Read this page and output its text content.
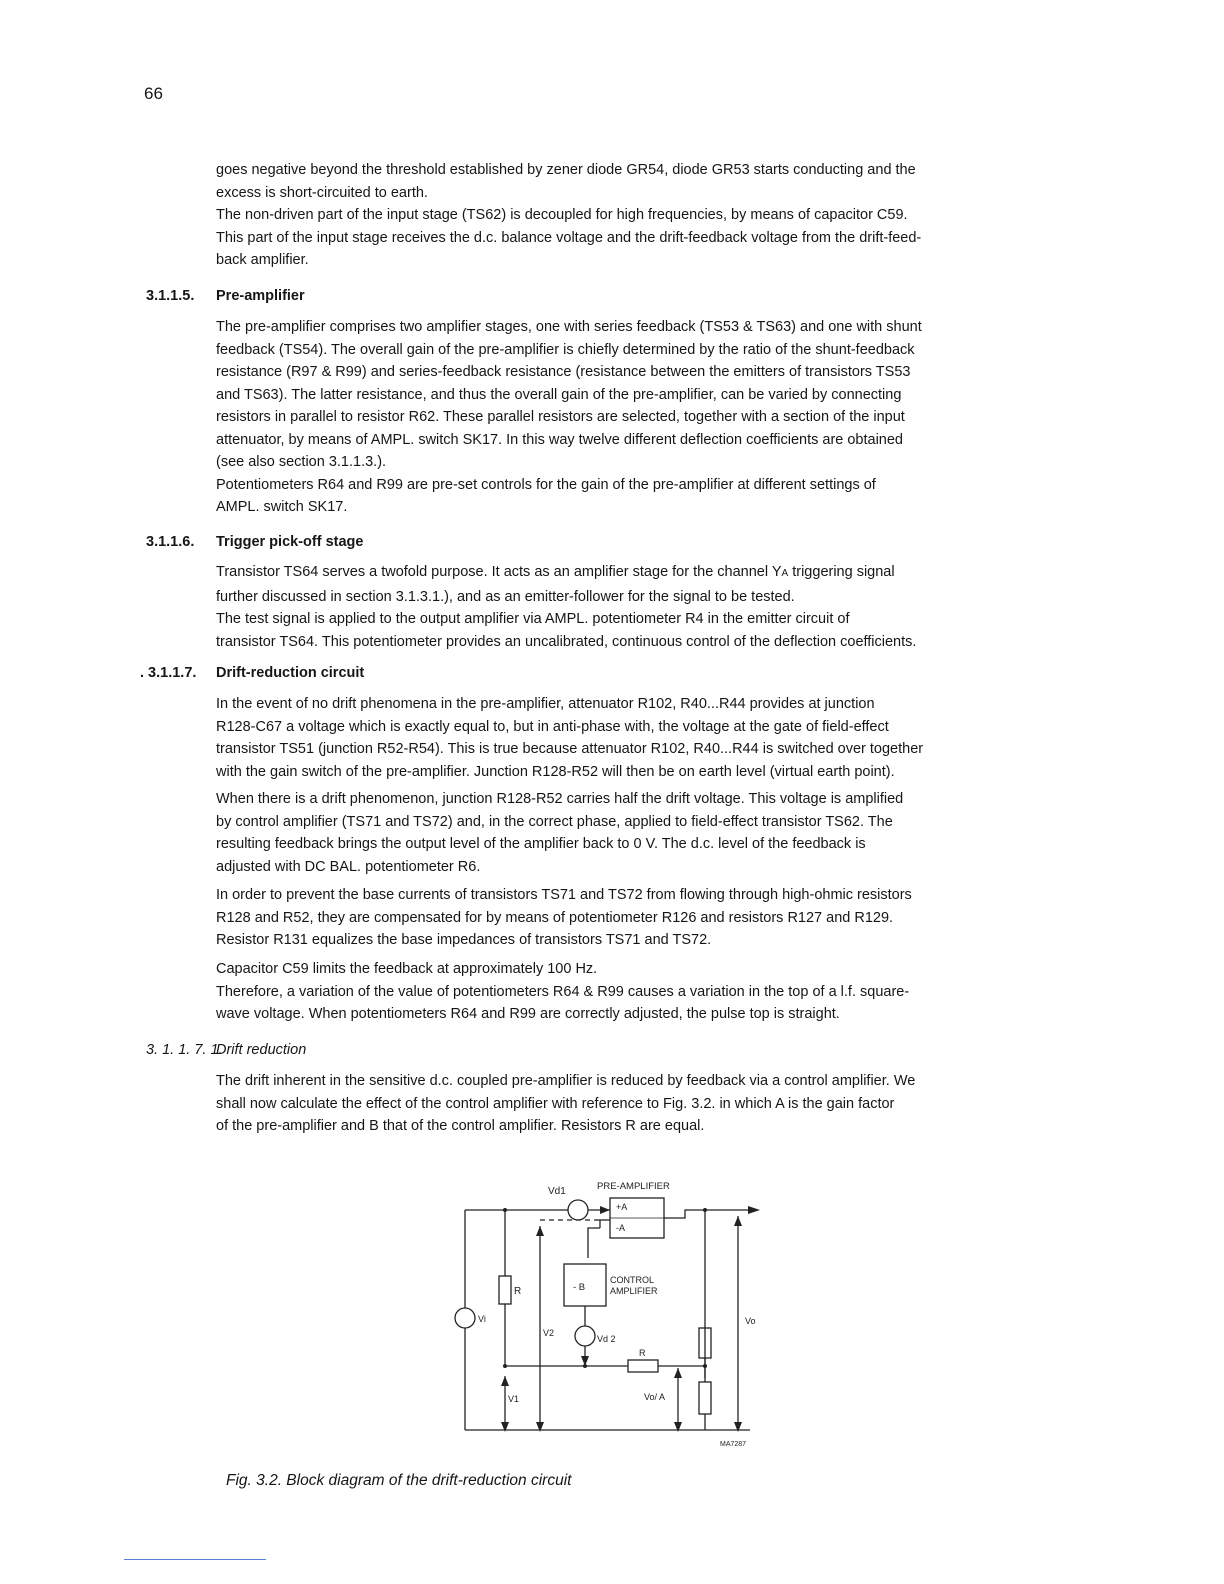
66

goes negative beyond the threshold established by zener diode GR54, diode GR53 starts conducting and the
excess is short-circuited to earth.
The non-driven part of the input stage (TS62) is decoupled for high frequencies, by means of capacitor C59.
This part of the input stage receives the d.c. balance voltage and the drift-feedback voltage from the drift-feed-
back amplifier.

3.1.1.5. Pre-amplifier

The pre-amplifier comprises two amplifier stages, one with series feedback (TS53 & TS63) and one with shunt
feedback (TS54). The overall gain of the pre-amplifier is chiefly determined by the ratio of the shunt-feedback
resistance (R97 & R99) and series-feedback resistance (resistance between the emitters of transistors TS53
and TS63). The latter resistance, and thus the overall gain of the pre-amplifier, can be varied by connecting
resistors in parallel to resistor R62. These parallel resistors are selected, together with a section of the input
attenuator, by means of AMPL. switch SK17. In this way twelve different deflection coefficients are obtained
(see also section 3.1.1.3.).
Potentiometers R64 and R99 are pre-set controls for the gain of the pre-amplifier at different settings of
AMPL. switch SK17.

3.1.1.6. Trigger pick-off stage

Transistor TS64 serves a twofold purpose. It acts as an amplifier stage for the channel YA triggering signal
further discussed in section 3.1.3.1.), and as an emitter-follower for the signal to be tested.
The test signal is applied to the output amplifier via AMPL. potentiometer R4 in the emitter circuit of
transistor TS64. This potentiometer provides an uncalibrated, continuous control of the deflection coefficients.

. 3.1.1.7. Drift-reduction circuit

In the event of no drift phenomena in the pre-amplifier, attenuator R102, R40...R44 provides at junction
R128-C67 a voltage which is exactly equal to, but in anti-phase with, the voltage at the gate of field-effect
transistor TS51 (junction R52-R54). This is true because attenuator R102, R40...R44 is switched over together
with the gain switch of the pre-amplifier. Junction R128-R52 will then be on earth level (virtual earth point).

When there is a drift phenomenon, junction R128-R52 carries half the drift voltage. This voltage is amplified
by control amplifier (TS71 and TS72) and, in the correct phase, applied to field-effect transistor TS62. The
resulting feedback brings the output level of the amplifier back to 0 V. The d.c. level of the feedback is
adjusted with DC BAL. potentiometer R6.

In order to prevent the base currents of transistors TS71 and TS72 from flowing through high-ohmic resistors
R128 and R52, they are compensated for by means of potentiometer R126 and resistors R127 and R129.
Resistor R131 equalizes the base impedances of transistors TS71 and TS72.

Capacitor C59 limits the feedback at approximately 100 Hz.
Therefore, a variation of the value of potentiometers R64 & R99 causes a variation in the top of a l.f. square-
wave voltage. When potentiometers R64 and R99 are correctly adjusted, the pulse top is straight.

3. 1. 1. 7. 1.
Drift reduction

The drift inherent in the sensitive d.c. coupled pre-amplifier is reduced by feedback via a control amplifier. We
shall now calculate the effect of the control amplifier with reference to Fig. 3.2. in which A is the gain factor
of the pre-amplifier and B that of the control amplifier. Resistors R are equal.

Vd1	PRE-AMPLIFIER
+A
-A
- B
CONTROL
AMPLIFIER
R
Vi
V2
Vd 2
Vo
R
V1	Vo/ A
MA7287
Fig. 3.2. Block diagram of the drift-reduction circuit
